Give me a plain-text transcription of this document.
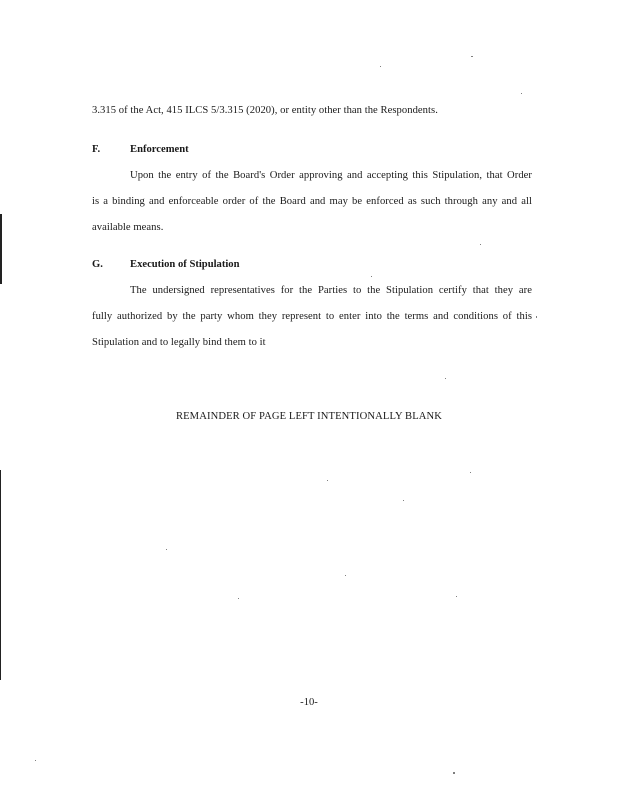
3.315 of the Act, 415 ILCS 5/3.315 (2020), or entity other than the Respondents.
F.	Enforcement
Upon the entry of the Board's Order approving and accepting this Stipulation, that Order
is a binding and enforceable order of the Board and may be enforced as such through any and all
available means.
G.	Execution of Stipulation
The undersigned representatives for the Parties to the Stipulation certify that they are
fully authorized by the party whom they represent to enter into the terms and conditions of this
Stipulation and to legally bind them to it
REMAINDER OF PAGE LEFT INTENTIONALLY BLANK
-10-
